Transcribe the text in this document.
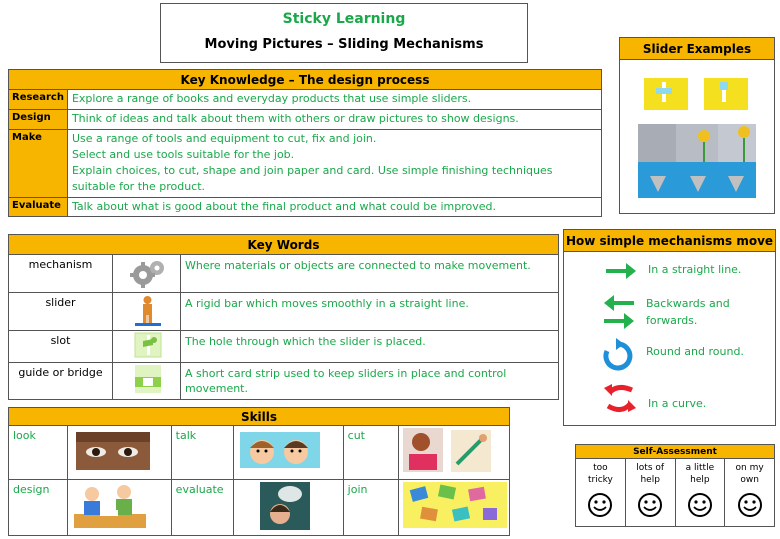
Sticky Learning
Moving Pictures – Sliding Mechanisms
Key Knowledge – The design process	
Research	Explore a range of books and everyday products that use simple sliders.

Design	Think of ideas and talk about them with others or draw pictures to show designs.

Make	Use a range of tools and equipment to cut, fix and join.
Select and use tools suitable for the job.
Explain choices, to cut, shape and join paper and card. Use simple finishing techniques suitable for the product.

Evaluate	Talk about what is good about the final product and what could be improved.
Key Words		
mechanism		Where materials or objects are connected to make movement.
slider		A rigid bar which moves smoothly in a straight line.
slot		The hole through which the slider is placed.
guide or bridge		A short card strip used to keep sliders in place and control movement.
Skills					
look		talk		cut	
design		evaluate		join	
Slider Examples
How simple mechanisms move
In a straight line.
Backwards and forwards.
Round and round.
In a curve.
Self-Assessment

too tricky

lots of help

a little help

on my own
